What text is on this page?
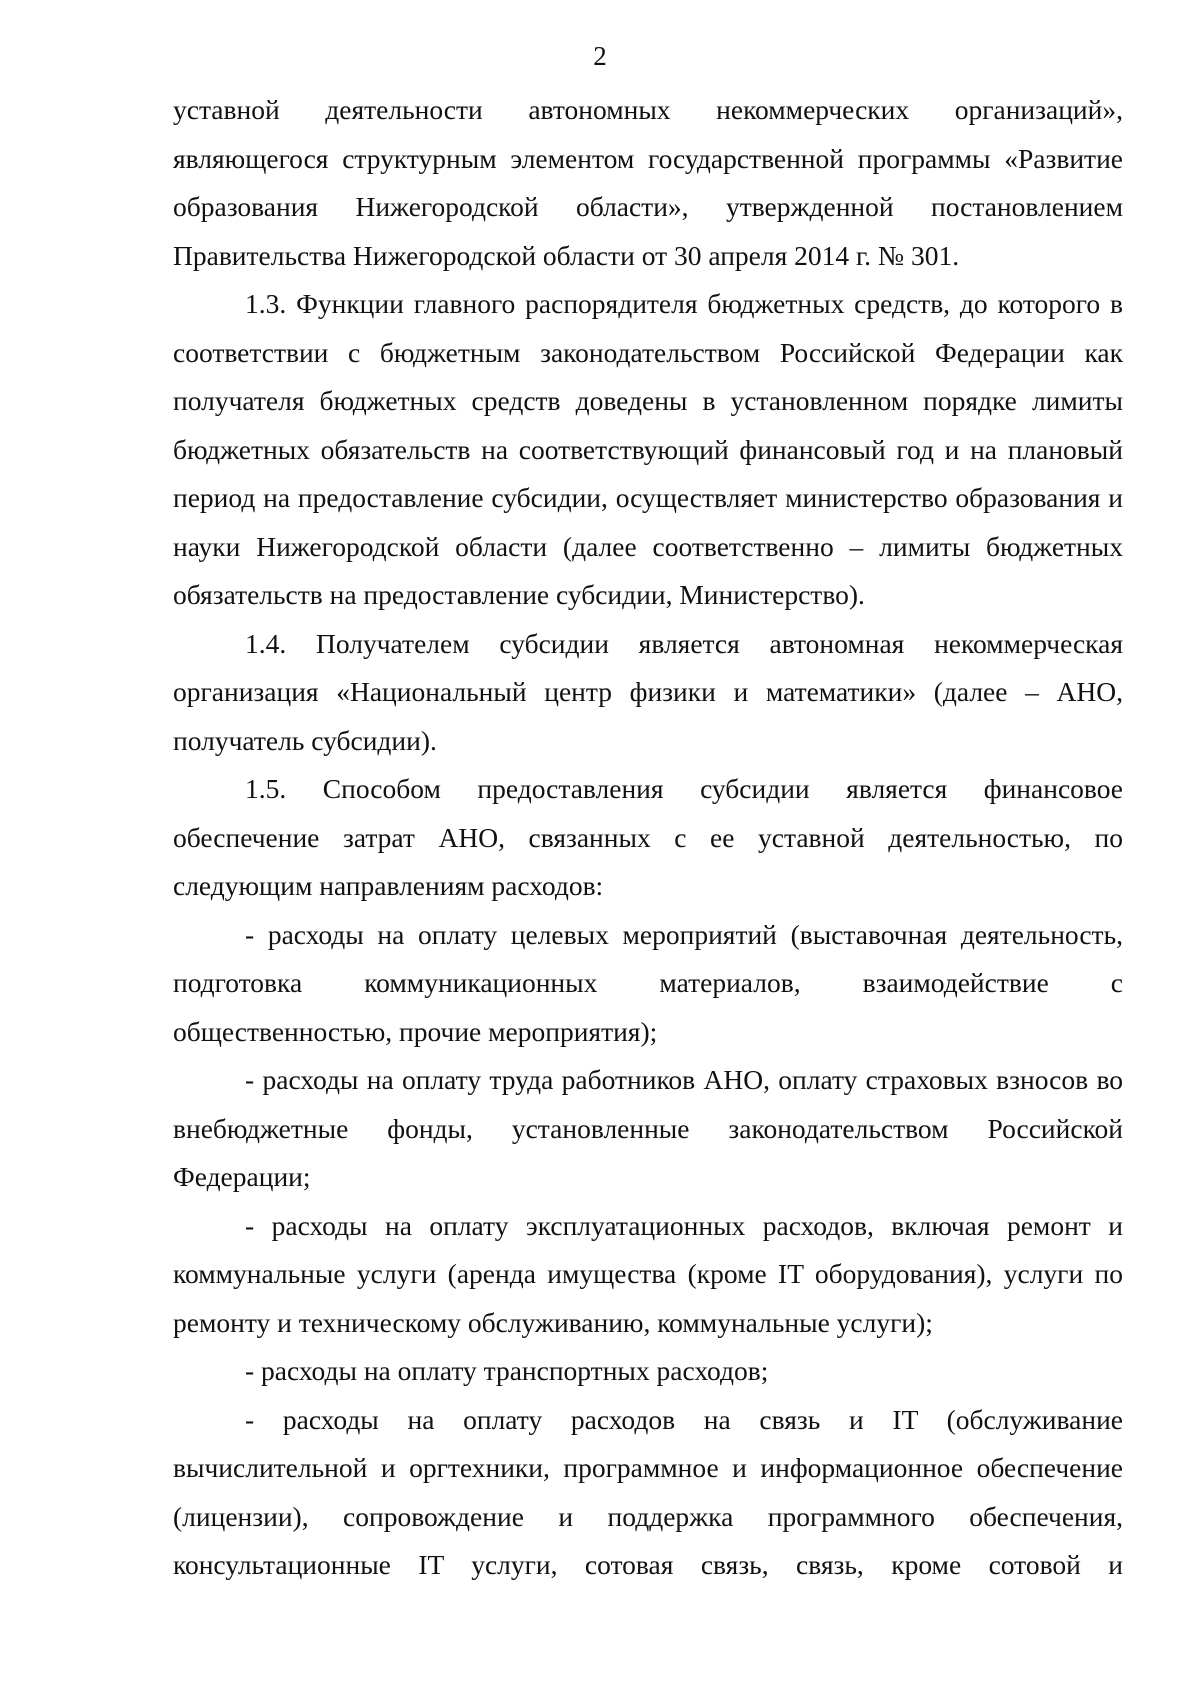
2

уставной деятельности автономных некоммерческих организаций», являющегося структурным элементом государственной программы «Развитие образования Нижегородской области», утвержденной постановлением Правительства Нижегородской области от 30 апреля 2014 г. № 301.

1.3. Функции главного распорядителя бюджетных средств, до которого в соответствии с бюджетным законодательством Российской Федерации как получателя бюджетных средств доведены в установленном порядке лимиты бюджетных обязательств на соответствующий финансовый год и на плановый период на предоставление субсидии, осуществляет министерство образования и науки Нижегородской области (далее соответственно – лимиты бюджетных обязательств на предоставление субсидии, Министерство).

1.4. Получателем субсидии является автономная некоммерческая организация «Национальный центр физики и математики» (далее – АНО, получатель субсидии).

1.5. Способом предоставления субсидии является финансовое обеспечение затрат АНО, связанных с ее уставной деятельностью, по следующим направлениям расходов:

- расходы на оплату целевых мероприятий (выставочная деятельность, подготовка коммуникационных материалов, взаимодействие с общественностью, прочие мероприятия);

- расходы на оплату труда работников АНО, оплату страховых взносов во внебюджетные фонды, установленные законодательством Российской Федерации;

- расходы на оплату эксплуатационных расходов, включая ремонт и коммунальные услуги (аренда имущества (кроме IT оборудования), услуги по ремонту и техническому обслуживанию, коммунальные услуги);

- расходы на оплату транспортных расходов;

- расходы на оплату расходов на связь и IT (обслуживание вычислительной и оргтехники, программное и информационное обеспечение (лицензии), сопровождение и поддержка программного обеспечения, консультационные IT услуги, сотовая связь, связь, кроме сотовой и
